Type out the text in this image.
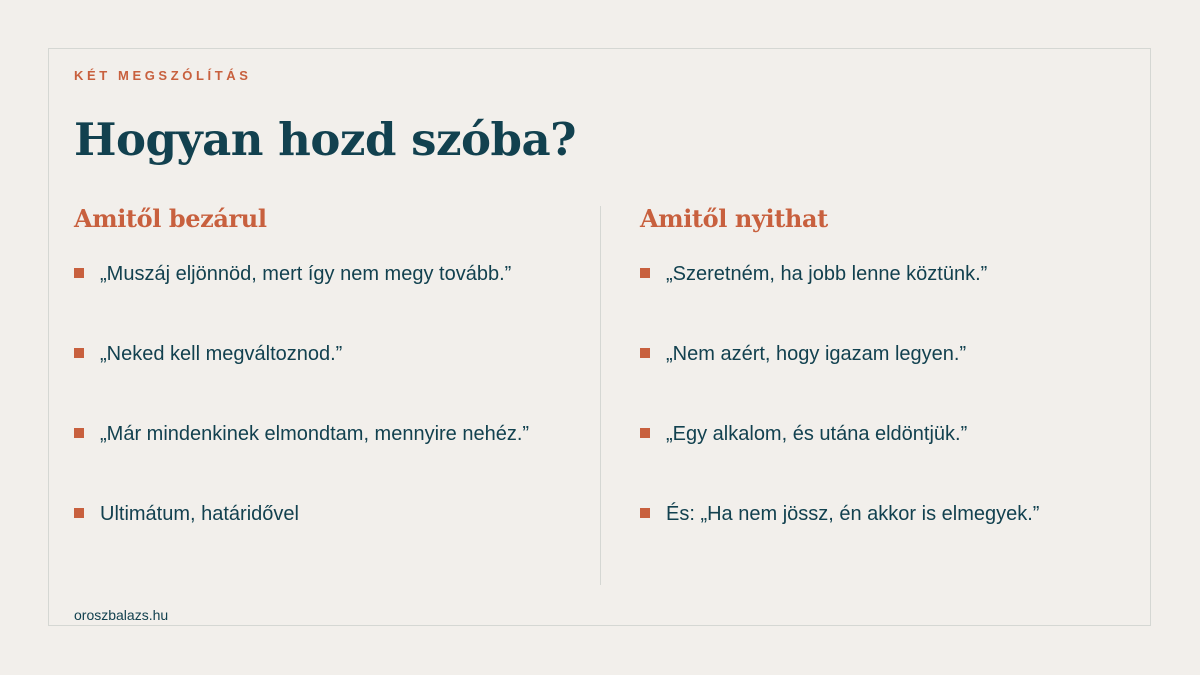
KÉT MEGSZÓLÍTÁS
Hogyan hozd szóba?
Amitől bezárul
„Muszáj eljönnöd, mert így nem megy tovább.”
„Neked kell megváltoznod.”
„Már mindenkinek elmondtam, mennyire nehéz.”
Ultimátum, határidővel
Amitől nyithat
„Szeretném, ha jobb lenne köztünk.”
„Nem azért, hogy igazam legyen.”
„Egy alkalom, és utána eldöntjük.”
És: „Ha nem jössz, én akkor is elmegyek.”
oroszbalazs.hu
